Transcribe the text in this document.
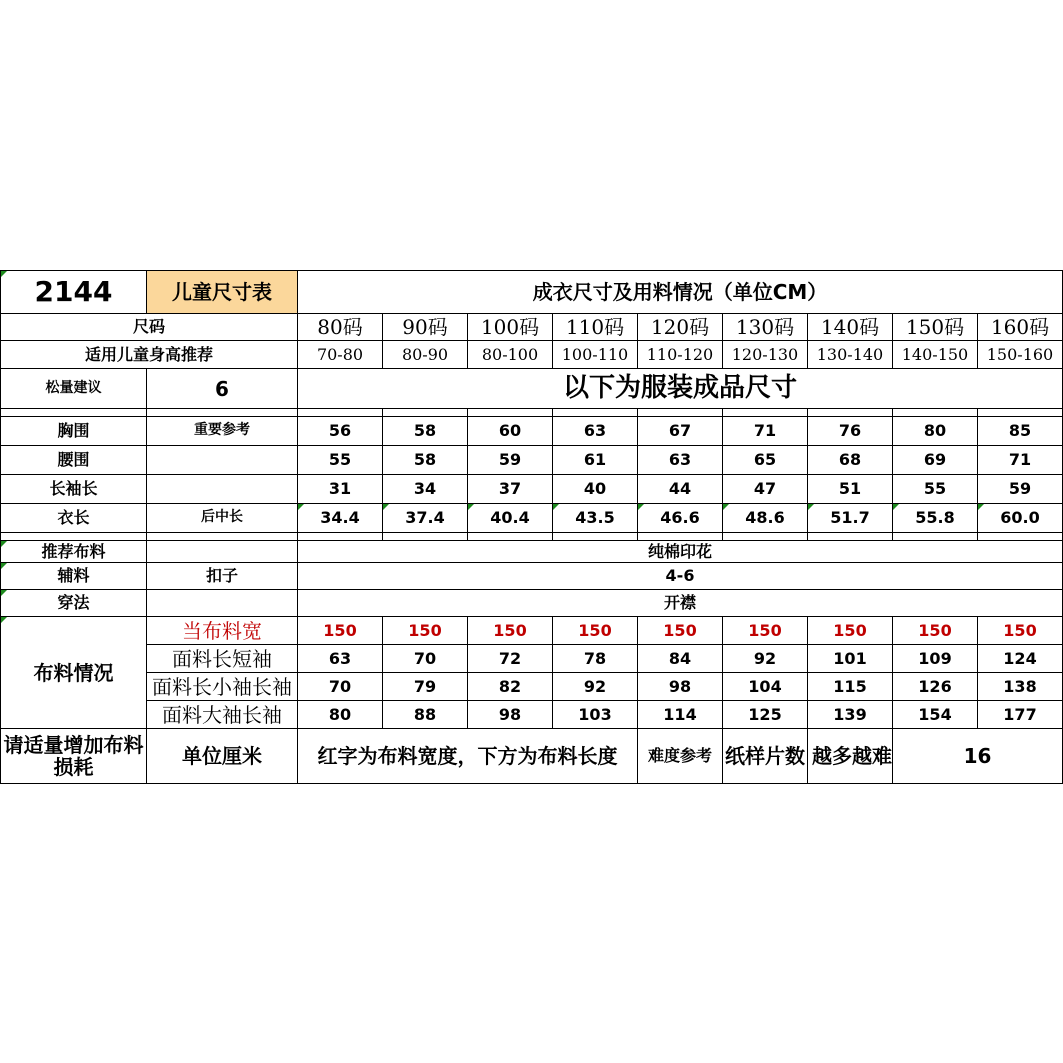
2144	儿童尺寸表	成衣尺寸及用料情况（单位CM）								
尺码		80码	90码	100码	110码	120码	130码	140码	150码	160码
适用儿童身高推荐		70-80	80-90	80-100	100-110	110-120	120-130	130-140	140-150	150-160
松量建议	6	以下为服装成品尺寸								

胸围	重要参考	56	58	60	63	67	71	76	80	85
腰围		55	58	59	61	63	65	68	69	71
长袖长		31	34	37	40	44	47	51	55	59
衣长	后中长	34.4	37.4	40.4	43.5	46.6	48.6	51.7	55.8	60.0

推荐布料		纯棉印花								
辅料	扣子	4-6								
穿法		开襟								
布料情况	当布料宽	150	150	150	150	150	150	150	150	150
	面料长短袖	63	70	72	78	84	92	101	109	124
	面料长小袖长袖	70	79	82	92	98	104	115	126	138
	面料大袖长袖	80	88	98	103	114	125	139	154	177
请适量增加布料损耗	单位厘米	红字为布料宽度，下方为布料长度				难度参考	纸样片数	越多越难	16	
